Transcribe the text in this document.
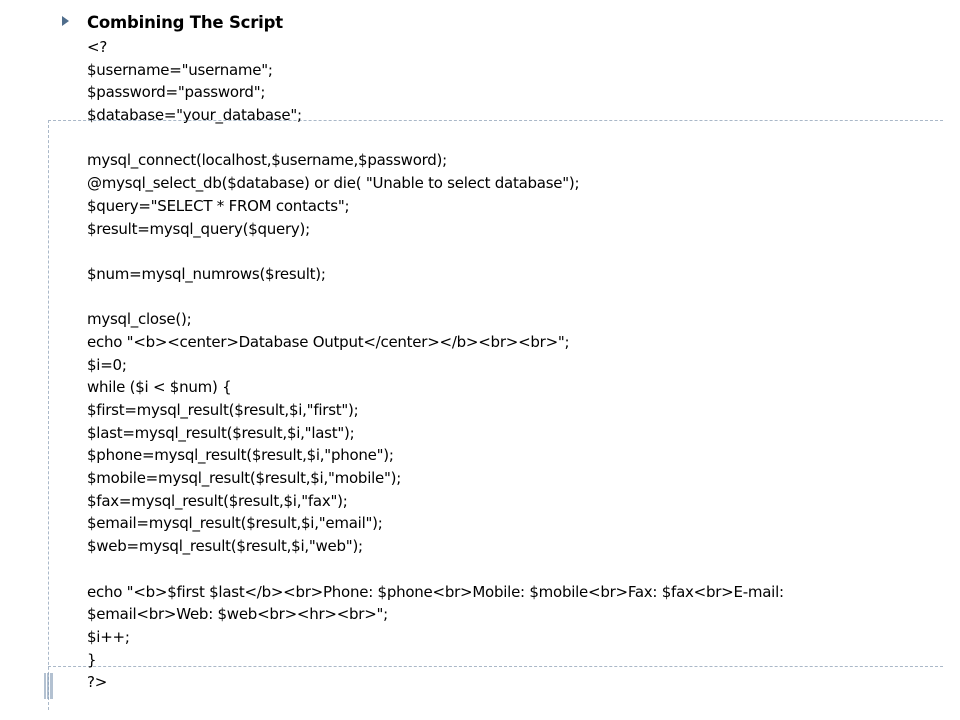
Combining The Script
<?
$username="username";
$password="password";
$database="your_database";
mysql_connect(localhost,$username,$password);
@mysql_select_db($database) or die( "Unable to select database");
$query="SELECT * FROM contacts";
$result=mysql_query($query);
$num=mysql_numrows($result);
mysql_close();
echo "<b><center>Database Output</center></b><br><br>";
$i=0;
while ($i < $num) {
$first=mysql_result($result,$i,"first");
$last=mysql_result($result,$i,"last");
$phone=mysql_result($result,$i,"phone");
$mobile=mysql_result($result,$i,"mobile");
$fax=mysql_result($result,$i,"fax");
$email=mysql_result($result,$i,"email");
$web=mysql_result($result,$i,"web");
echo "<b>$first $last</b><br>Phone: $phone<br>Mobile: $mobile<br>Fax: $fax<br>E-mail:
$email<br>Web: $web<br><hr><br>";
$i++;
}
?>
